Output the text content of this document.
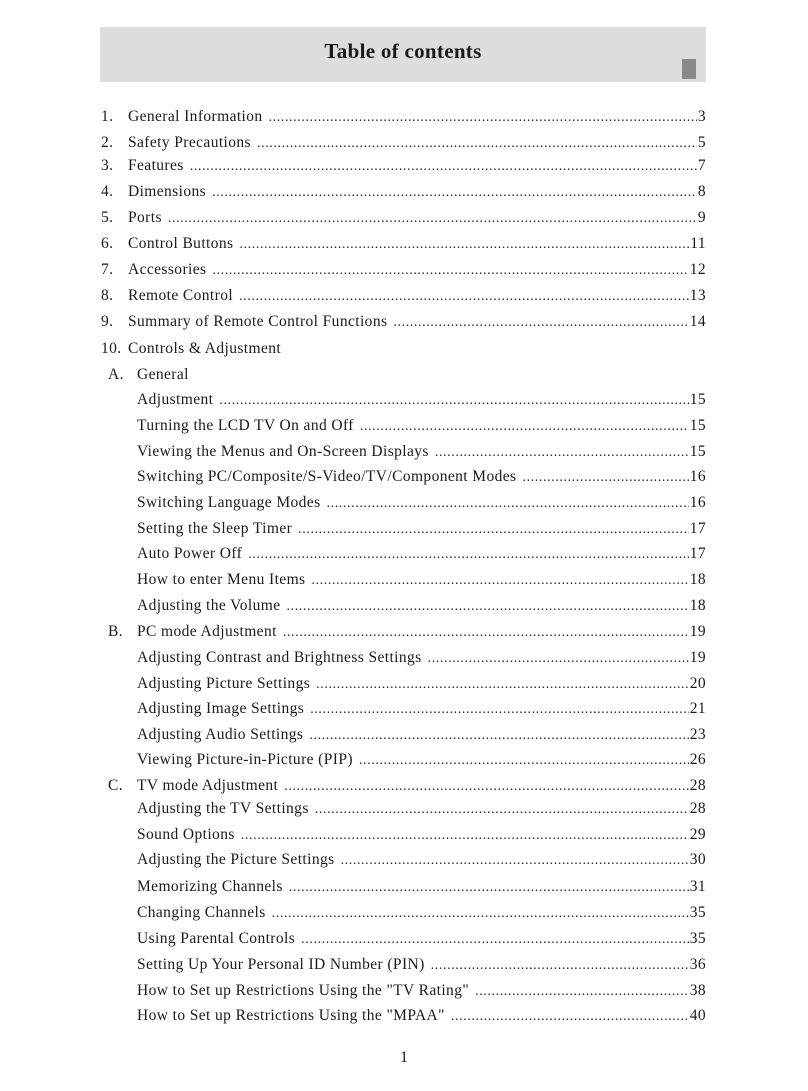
Table of contents
1. General Information .....	3
2. Safety Precautions .....	5
3. Features .....	7
4. Dimensions .....	8
5. Ports .....	9
6. Control Buttons .....	11
7. Accessories .....	12
8. Remote Control .....	13
9. Summary of Remote Control Functions .....	14
10. Controls & Adjustment
A. General
Adjustment .....	15
Turning the LCD TV On and Off .....	15
Viewing the Menus and On-Screen Displays .....	15
Switching PC/Composite/S-Video/TV/Component Modes .....	16
Switching Language Modes .....	16
Setting the Sleep Timer .....	17
Auto Power Off .....	17
How to enter Menu Items .....	18
Adjusting the Volume .....	18
B. PC mode Adjustment .....	19
Adjusting Contrast and Brightness Settings .....	19
Adjusting Picture Settings .....	20
Adjusting Image Settings .....	21
Adjusting Audio Settings .....	23
Viewing Picture-in-Picture (PIP) .....	26
C. TV mode Adjustment .....	28
Adjusting the TV Settings .....	28
Sound Options .....	29
Adjusting the Picture Settings .....	30
Memorizing Channels .....	31
Changing Channels .....	35
Using Parental Controls .....	35
Setting Up Your Personal ID Number (PIN) .....	36
How to Set up Restrictions Using the "TV Rating" .....	38
How to Set up Restrictions Using the "MPAA" .....	40
1
